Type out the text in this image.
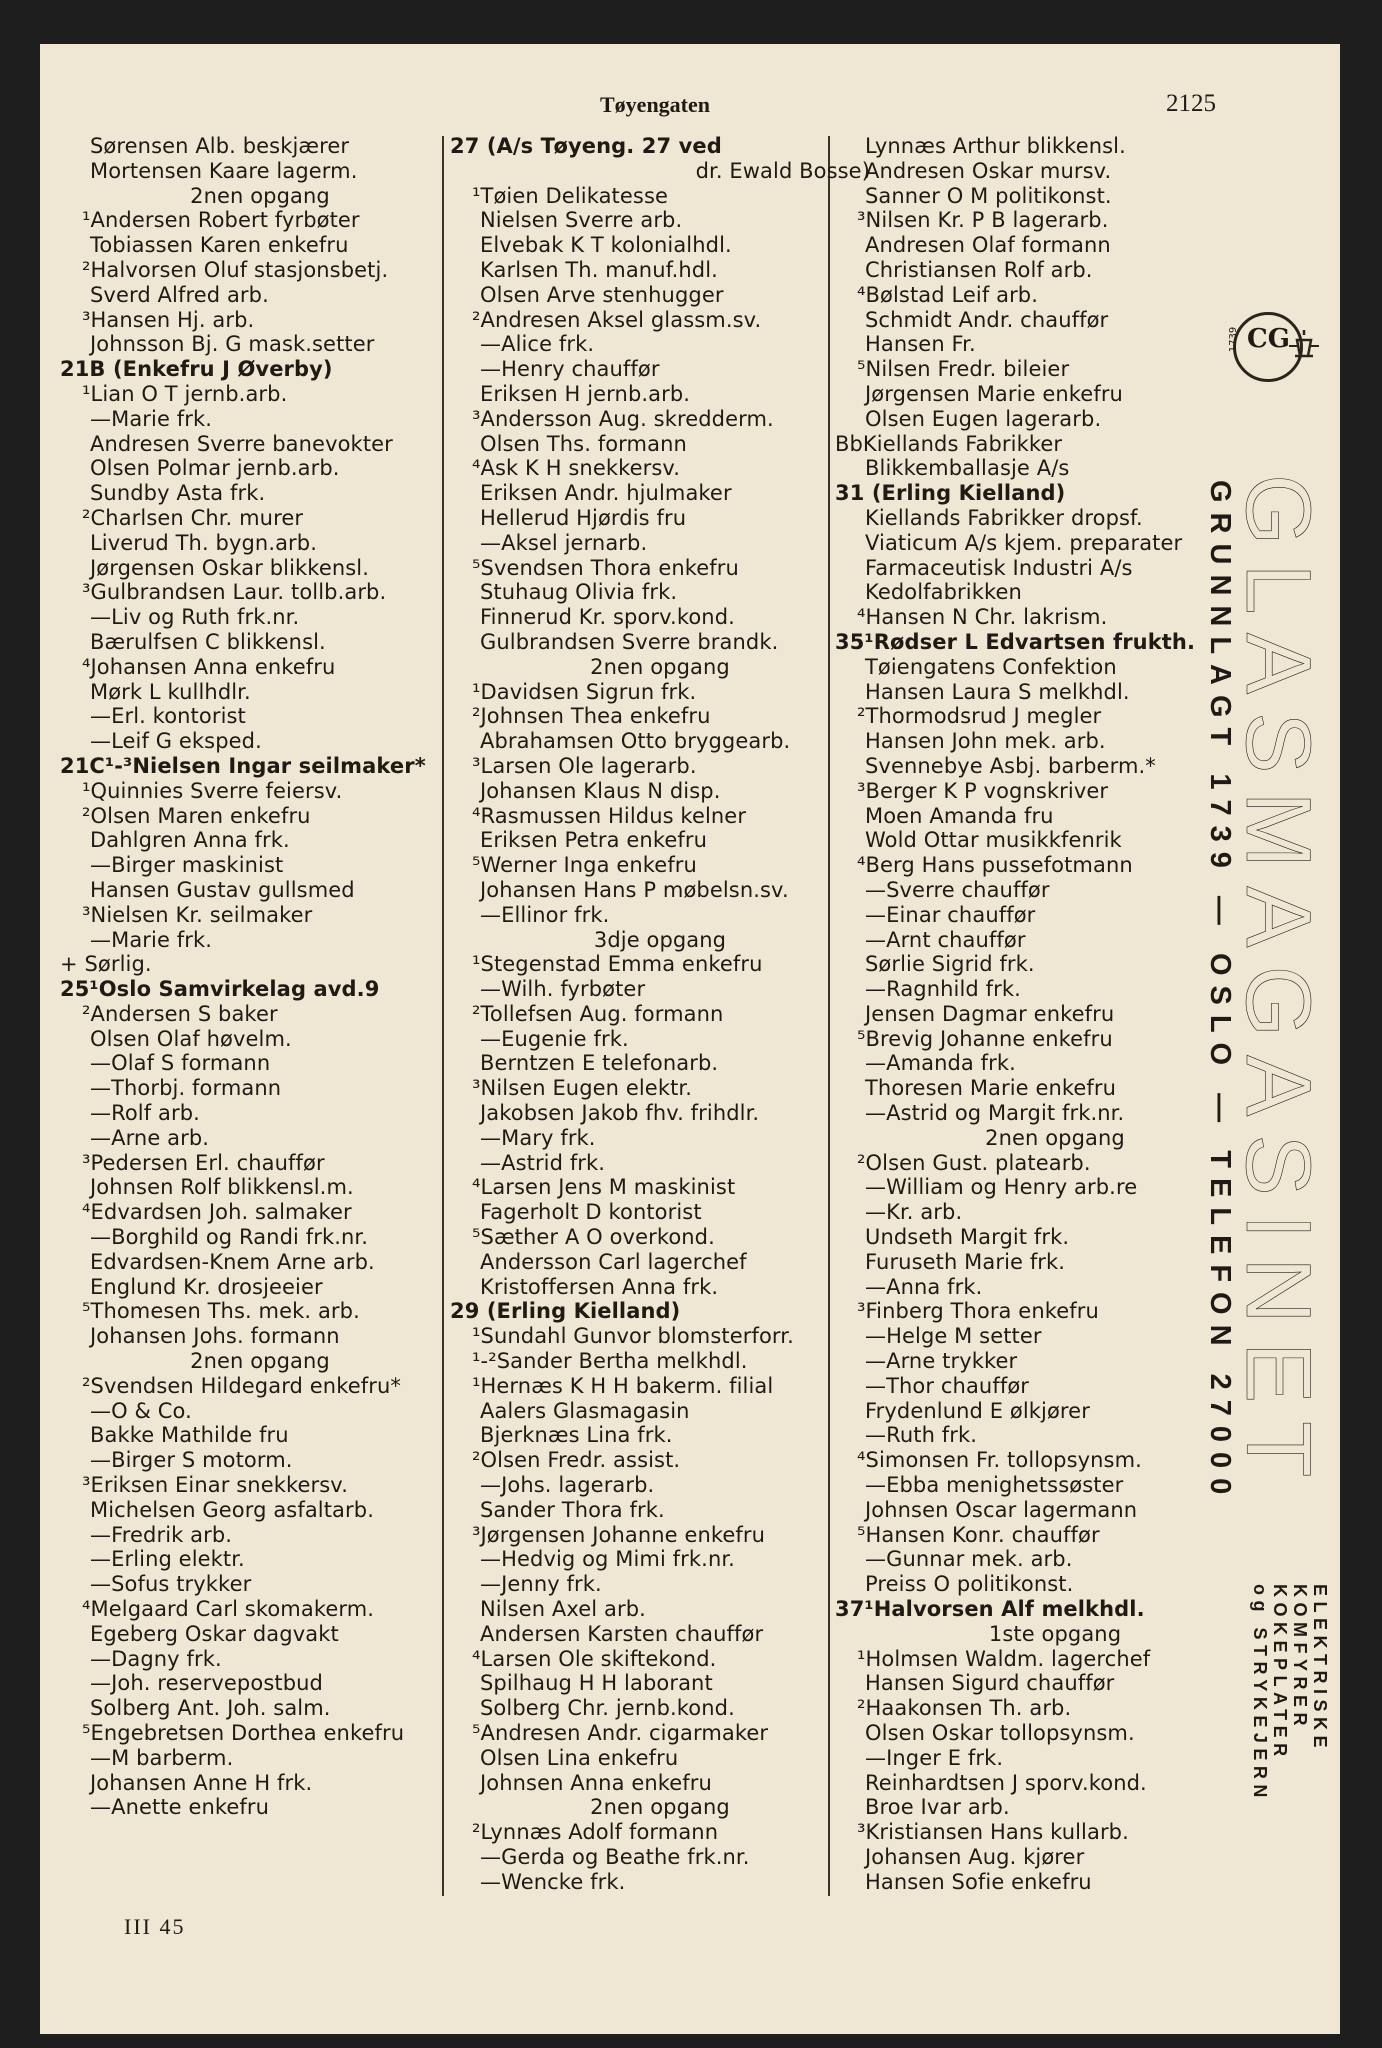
Tøyengaten	2125
Sørensen Alb. beskjærer
Mortensen Kaare lagerm.
2nen opgang
¹Andersen Robert fyrbøter
Tobiassen Karen enkefru
²Halvorsen Oluf stasjonsbetj.
Sverd Alfred arb.
³Hansen Hj. arb.
Johnsson Bj. G mask.setter
21B (Enkefru J Øverby)
¹Lian O T jernb.arb.
—Marie frk.
Andresen Sverre banevokter
Olsen Polmar jernb.arb.
Sundby Asta frk.
²Charlsen Chr. murer
Liverud Th. bygn.arb.
Jørgensen Oskar blikkensl.
³Gulbrandsen Laur. tollb.arb.
—Liv og Ruth frk.nr.
Bærulfsen C blikkensl.
⁴Johansen Anna enkefru
Mørk L kullhdlr.
—Erl. kontorist
—Leif G eksped.
21C¹-³Nielsen Ingar seilmaker*
¹Quinnies Sverre feiersv.
²Olsen Maren enkefru
Dahlgren Anna frk.
—Birger maskinist
Hansen Gustav gullsmed
³Nielsen Kr. seilmaker
—Marie frk.
+ Sørlig.
25¹Oslo Samvirkelag avd.9
²Andersen S baker
Olsen Olaf høvelm.
—Olaf S formann
—Thorbj. formann
—Rolf arb.
—Arne arb.
³Pedersen Erl. chauffør
Johnsen Rolf blikkensl.m.
⁴Edvardsen Joh. salmaker
—Borghild og Randi frk.nr.
Edvardsen-Knem Arne arb.
Englund Kr. drosjeeier
⁵Thomesen Ths. mek. arb.
Johansen Johs. formann
2nen opgang
²Svendsen Hildegard enkefru*
—O & Co.
Bakke Mathilde fru
—Birger S motorm.
³Eriksen Einar snekkersv.
Michelsen Georg asfaltarb.
—Fredrik arb.
—Erling elektr.
—Sofus trykker
⁴Melgaard Carl skomakerm.
Egeberg Oskar dagvakt
—Dagny frk.
—Joh. reservepostbud
Solberg Ant. Joh. salm.
⁵Engebretsen Dorthea enkefru
—M barberm.
Johansen Anne H frk.
—Anette enkefru
27 (A/s Tøyeng. 27 ved
dr. Ewald Bosse)
¹Tøien Delikatesse
Nielsen Sverre arb.
Elvebak K T kolonialhdl.
Karlsen Th. manuf.hdl.
Olsen Arve stenhugger
²Andresen Aksel glassm.sv.
—Alice frk.
—Henry chauffør
Eriksen H jernb.arb.
³Andersson Aug. skredderm.
Olsen Ths. formann
⁴Ask K H snekkersv.
Eriksen Andr. hjulmaker
Hellerud Hjørdis fru
—Aksel jernarb.
⁵Svendsen Thora enkefru
Stuhaug Olivia frk.
Finnerud Kr. sporv.kond.
Gulbrandsen Sverre brandk.
2nen opgang
¹Davidsen Sigrun frk.
²Johnsen Thea enkefru
Abrahamsen Otto bryggearb.
³Larsen Ole lagerarb.
Johansen Klaus N disp.
⁴Rasmussen Hildus kelner
Eriksen Petra enkefru
⁵Werner Inga enkefru
Johansen Hans P møbelsn.sv.
—Ellinor frk.
3dje opgang
¹Stegenstad Emma enkefru
—Wilh. fyrbøter
²Tollefsen Aug. formann
—Eugenie frk.
Berntzen E telefonarb.
³Nilsen Eugen elektr.
Jakobsen Jakob fhv. frihdlr.
—Mary frk.
—Astrid frk.
⁴Larsen Jens M maskinist
Fagerholt D kontorist
⁵Sæther A O overkond.
Andersson Carl lagerchef
Kristoffersen Anna frk.
29 (Erling Kielland)
¹Sundahl Gunvor blomsterforr.
¹-²Sander Bertha melkhdl.
¹Hernæs K H H bakerm. filial
Aalers Glasmagasin
Bjerknæs Lina frk.
²Olsen Fredr. assist.
—Johs. lagerarb.
Sander Thora frk.
³Jørgensen Johanne enkefru
—Hedvig og Mimi frk.nr.
—Jenny frk.
Nilsen Axel arb.
Andersen Karsten chauffør
⁴Larsen Ole skiftekond.
Spilhaug H H laborant
Solberg Chr. jernb.kond.
⁵Andresen Andr. cigarmaker
Olsen Lina enkefru
Johnsen Anna enkefru
2nen opgang
²Lynnæs Adolf formann
—Gerda og Beathe frk.nr.
—Wencke frk.
Lynnæs Arthur blikkensl.
Andresen Oskar mursv.
Sanner O M politikonst.
³Nilsen Kr. P B lagerarb.
Andresen Olaf formann
Christiansen Rolf arb.
⁴Bølstad Leif arb.
Schmidt Andr. chauffør
Hansen Fr.
⁵Nilsen Fredr. bileier
Jørgensen Marie enkefru
Olsen Eugen lagerarb.
BbKiellands Fabrikker
Blikkemballasje A/s
31 (Erling Kielland)
Kiellands Fabrikker dropsf.
Viaticum A/s kjem. preparater
Farmaceutisk Industri A/s
Kedolfabrikken
⁴Hansen N Chr. lakrism.
35¹Rødser L Edvartsen frukth.
Tøiengatens Confektion
Hansen Laura S melkhdl.
²Thormodsrud J megler
Hansen John mek. arb.
Svennebye Asbj. barberm.*
³Berger K P vognskriver
Moen Amanda fru
Wold Ottar musikkfenrik
⁴Berg Hans pussefotmann
—Sverre chauffør
—Einar chauffør
—Arnt chauffør
Sørlie Sigrid frk.
—Ragnhild frk.
Jensen Dagmar enkefru
⁵Brevig Johanne enkefru
—Amanda frk.
Thoresen Marie enkefru
—Astrid og Margit frk.nr.
2nen opgang
²Olsen Gust. platearb.
—William og Henry arb.re
—Kr. arb.
Undseth Margit frk.
Furuseth Marie frk.
—Anna frk.
³Finberg Thora enkefru
—Helge M setter
—Arne trykker
—Thor chauffør
Frydenlund E ølkjører
—Ruth frk.
⁴Simonsen Fr. tollopsynsm.
—Ebba menighetssøster
Johnsen Oscar lagermann
⁵Hansen Konr. chauffør
—Gunnar mek. arb.
Preiss O politikonst.
37¹Halvorsen Alf melkhdl.
1ste opgang
¹Holmsen Waldm. lagerchef
Hansen Sigurd chauffør
²Haakonsen Th. arb.
Olsen Oskar tollopsynsm.
—Inger E frk.
Reinhardtsen J sporv.kond.
Broe Ivar arb.
³Kristiansen Hans kullarb.
Johansen Aug. kjører
Hansen Sofie enkefru
III 45
CG
1739
GLASMAGASINET
GRUNNLAGT 1739 — OSLO — TELEFON 27000
ELEKTRISKE
KOMFYRER
KOKEPLATER
og STRYKEJERN
